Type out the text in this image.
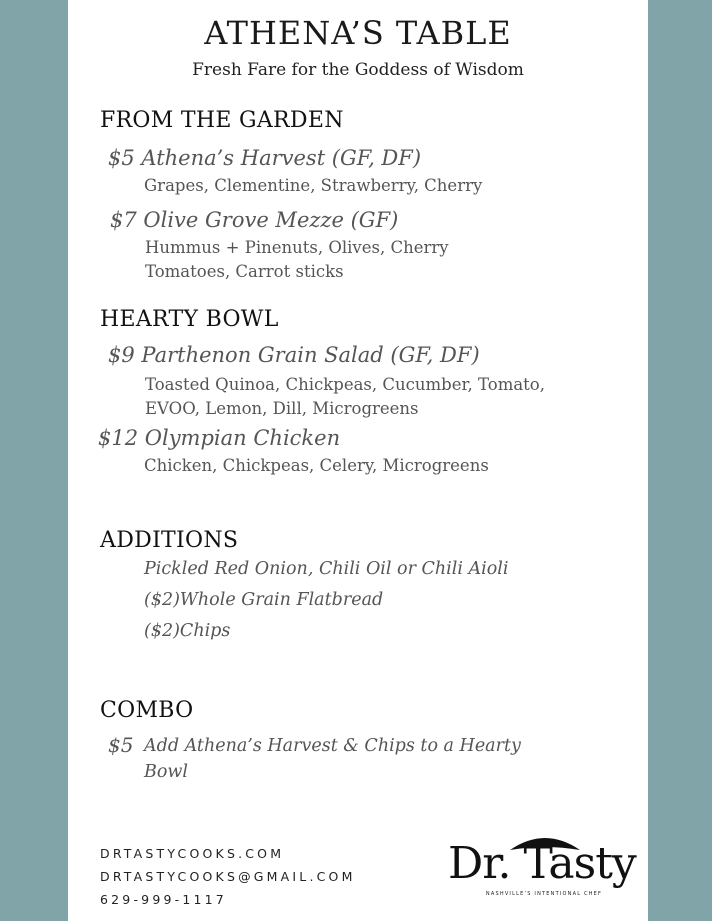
ATHENA’S TABLE
Fresh Fare for the Goddess of Wisdom
FROM THE GARDEN
$5 Athena’s Harvest (GF, DF)
Grapes, Clementine, Strawberry, Cherry
$7 Olive Grove Mezze (GF)
Hummus + Pinenuts, Olives, Cherry
Tomatoes, Carrot sticks
HEARTY BOWL
$9 Parthenon Grain Salad (GF, DF)
Toasted Quinoa, Chickpeas, Cucumber, Tomato,
EVOO, Lemon, Dill, Microgreens
$12 Olympian Chicken
Chicken, Chickpeas, Celery, Microgreens
ADDITIONS
Pickled Red Onion, Chili Oil or Chili Aioli
($2)Whole Grain Flatbread
($2)Chips
COMBO
$5 Add Athena’s Harvest & Chips to a Hearty Bowl
DRTASTYCOOKS.COM
DRTASTYCOOKS@GMAIL.COM
629-999-1117
Dr. Tasty
NASHVILLE’S INTENTIONAL CHEF
